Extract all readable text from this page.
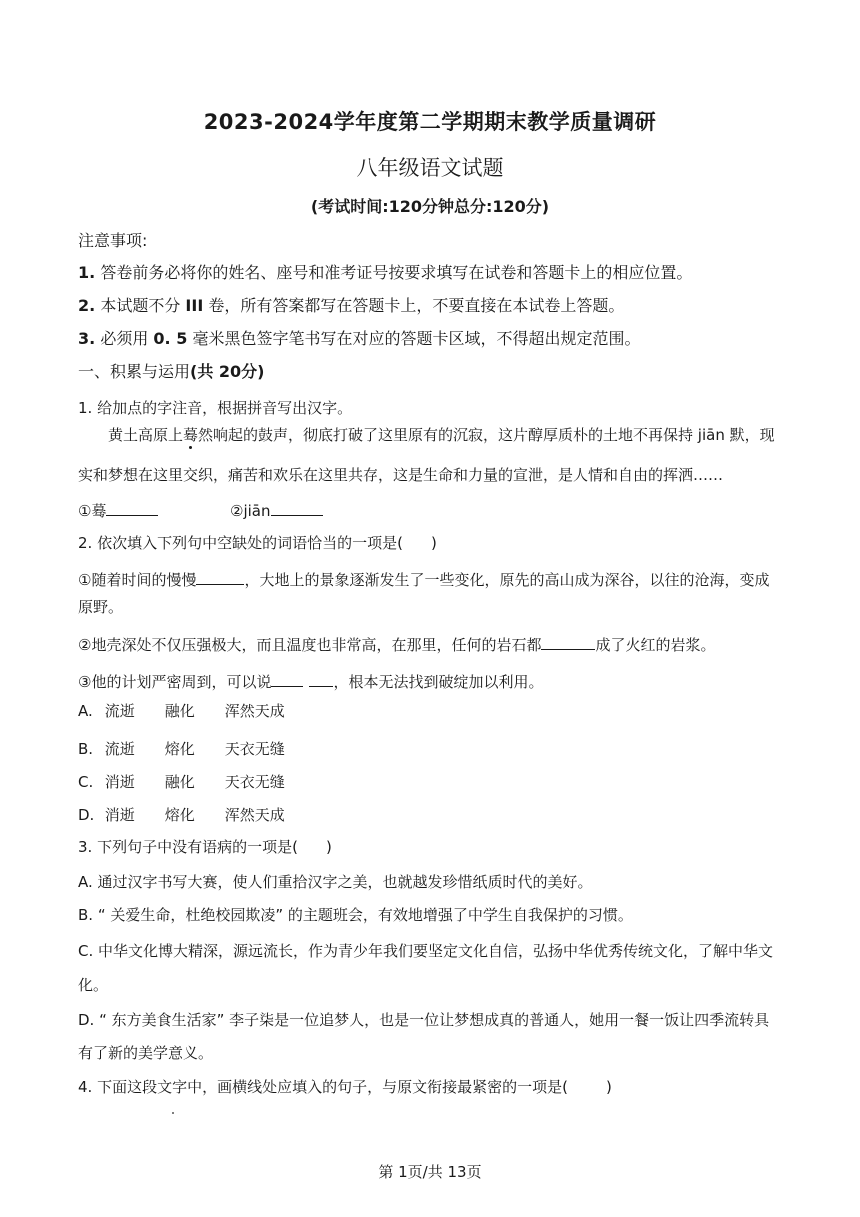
2023-2024学年度第二学期期末教学质量调研
八年级语文试题
(考试时间:120分钟总分:120分)
注意事项:
1. 答卷前务必将你的姓名、座号和准考证号按要求填写在试卷和答题卡上的相应位置。
2. 本试题不分 III 卷，所有答案都写在答题卡上，不要直接在本试卷上答题。
3. 必须用 0. 5 毫米黑色签字笔书写在对应的答题卡区域，不得超出规定范围。
一、积累与运用(共 20分)
1. 给加点的字注音，根据拼音写出汉字。
黄土高原上蓦然响起的鼓声，彻底打破了这里原有的沉寂，这片醇厚质朴的土地不再保持 jiān 默，现
实和梦想在这里交织，痛苦和欢乐在这里共存，这是生命和力量的宣泄，是人情和自由的挥洒……
①蓦	②jiān
2. 依次填入下列句中空缺处的词语恰当的一项是( )
①随着时间的慢慢	，大地上的景象逐渐发生了一些变化，原先的高山成为深谷，以往的沧海，变成
原野。
②地壳深处不仅压强极大，而且温度也非常高，在那里，任何的岩石都	成了火红的岩浆。
③他的计划严密周到，可以说	，根本无法找到破绽加以利用。
A. 流逝 融化 浑然天成
B. 流逝 熔化 天衣无缝
C. 消逝 融化 天衣无缝
D. 消逝 熔化 浑然天成
3. 下列句子中没有语病的一项是( )
A. 通过汉字书写大赛，使人们重拾汉字之美，也就越发珍惜纸质时代的美好。
B. “ 关爱生命，杜绝校园欺凌” 的主题班会，有效地增强了中学生自我保护的习惯。
C. 中华文化博大精深，源远流长，作为青少年我们要坚定文化自信，弘扬中华优秀传统文化，了解中华文
化。
D. “ 东方美食生活家” 李子柒是一位追梦人，也是一位让梦想成真的普通人，她用一餐一饭让四季流转具
有了新的美学意义。
4. 下面这段文字中，画横线处应填入的句子，与原文衔接最紧密的一项是(	)
第 1页/共 13页
